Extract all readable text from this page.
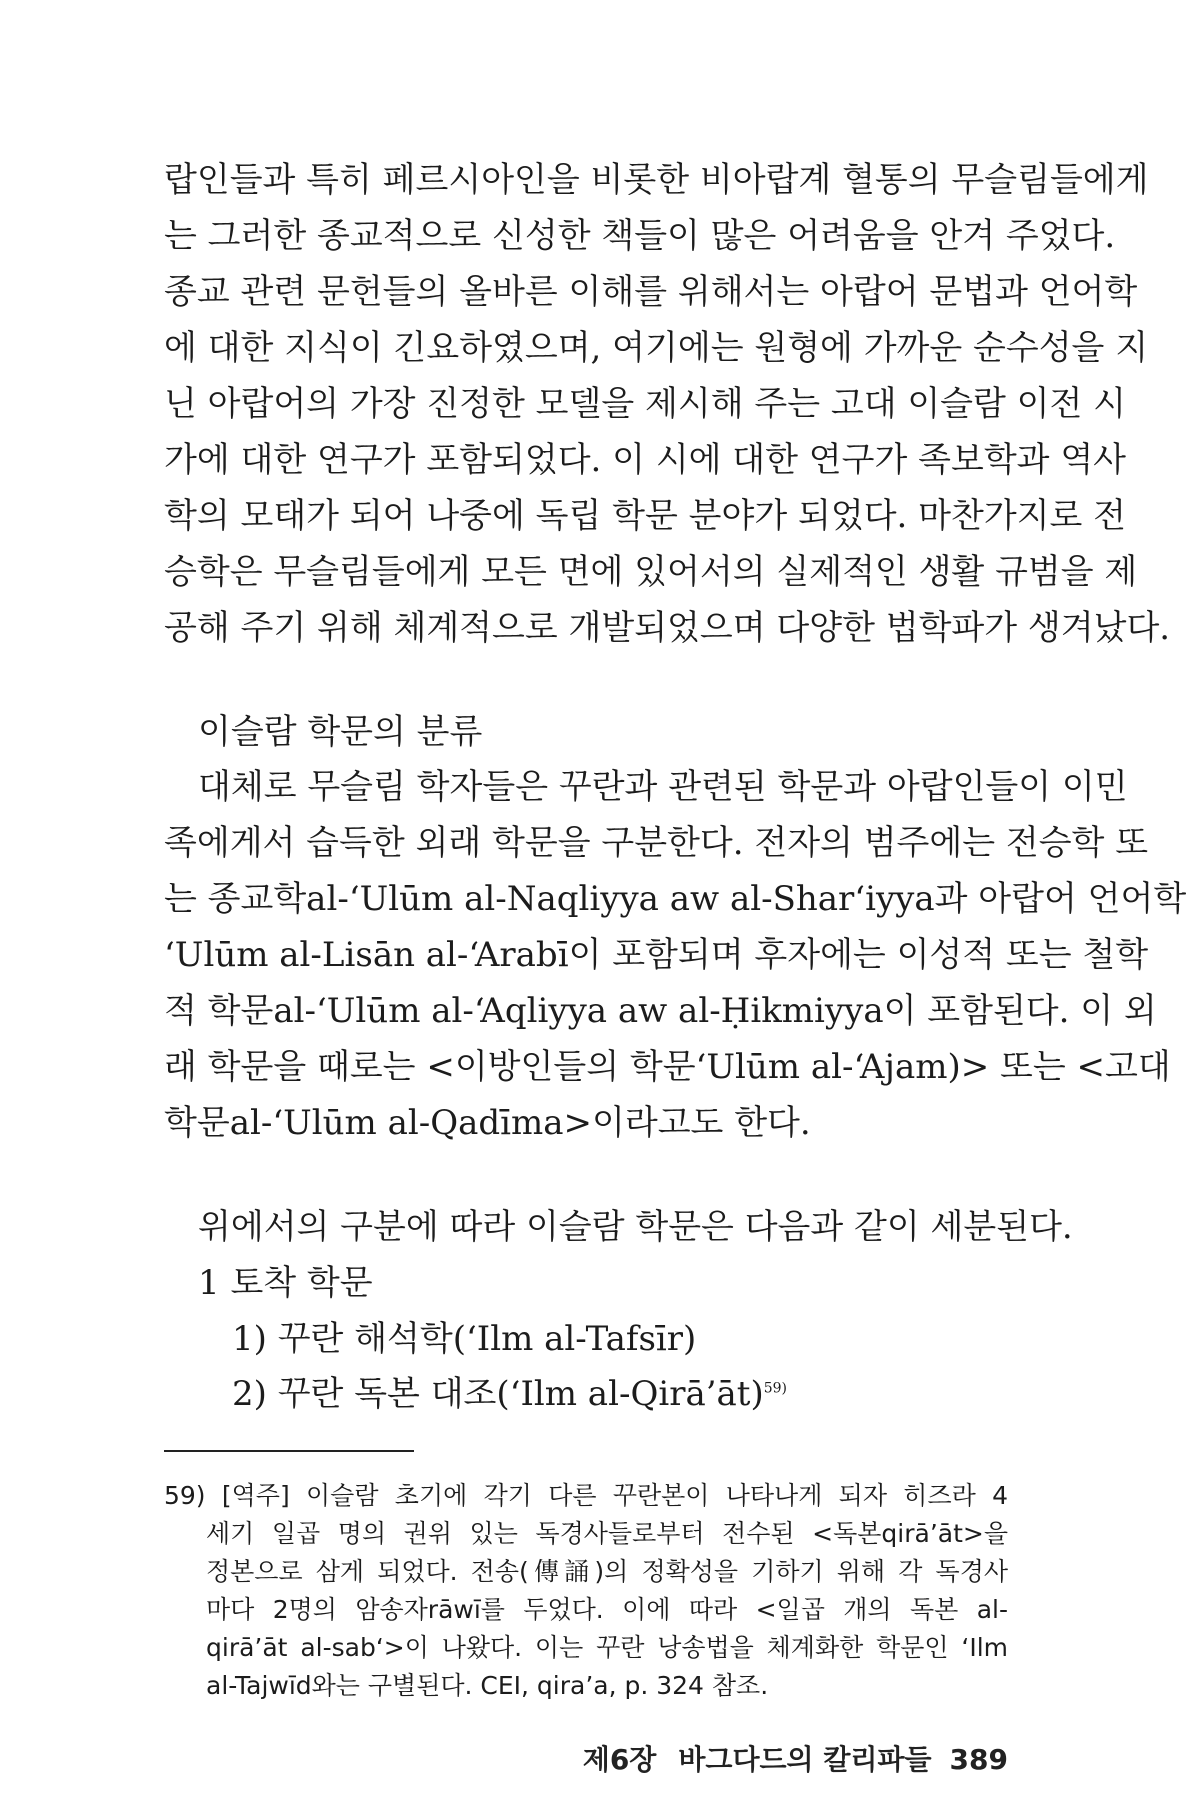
랍인들과 특히 페르시아인을 비롯한 비아랍계 혈통의 무슬림들에게
는 그러한 종교적으로 신성한 책들이 많은 어려움을 안겨 주었다.
종교 관련 문헌들의 올바른 이해를 위해서는 아랍어 문법과 언어학
에 대한 지식이 긴요하였으며, 여기에는 원형에 가까운 순수성을 지
닌 아랍어의 가장 진정한 모델을 제시해 주는 고대 이슬람 이전 시
가에 대한 연구가 포함되었다. 이 시에 대한 연구가 족보학과 역사
학의 모태가 되어 나중에 독립 학문 분야가 되었다. 마찬가지로 전
승학은 무슬림들에게 모든 면에 있어서의 실제적인 생활 규범을 제
공해 주기 위해 체계적으로 개발되었으며 다양한 법학파가 생겨났다.
이슬람 학문의 분류
대체로 무슬림 학자들은 꾸란과 관련된 학문과 아랍인들이 이민
족에게서 습득한 외래 학문을 구분한다. 전자의 범주에는 전승학 또
는 종교학al-‘Ulūm al-Naqliyya aw al-Shar‘iyya과 아랍어 언어학
‘Ulūm al-Lisān al-‘Arabī이 포함되며 후자에는 이성적 또는 철학
적 학문al-‘Ulūm al-‘Aqliyya aw al-Ḥikmiyya이 포함된다. 이 외
래 학문을 때로는 <이방인들의 학문‘Ulūm al-‘Ajam)> 또는 <고대
학문al-‘Ulūm al-Qadīma>이라고도 한다.
위에서의 구분에 따라 이슬람 학문은 다음과 같이 세분된다.
1 토착 학문
1) 꾸란 해석학(‘Ilm al-Tafsīr)
2) 꾸란 독본 대조(‘Ilm al-Qirā’āt)$^{59)}$
59) [역주] 이슬람 초기에 각기 다른 꾸란본이 나타나게 되자 히즈라 4
세기 일곱 명의 권위 있는 독경사들로부터 전수된 <독본qirā’āt>을
정본으로 삼게 되었다. 전송(傳誦)의 정확성을 기하기 위해 각 독경사
마다 2명의 암송자rāwī를 두었다. 이에 따라 <일곱 개의 독본 al-
qirā’āt al-sab‘>이 나왔다. 이는 꾸란 낭송법을 체계화한 학문인 ‘Ilm
al-Tajwīd와는 구별된다. CEI, qira’a, p. 324 참조.
제6장 바그다드의 칼리파들 389
